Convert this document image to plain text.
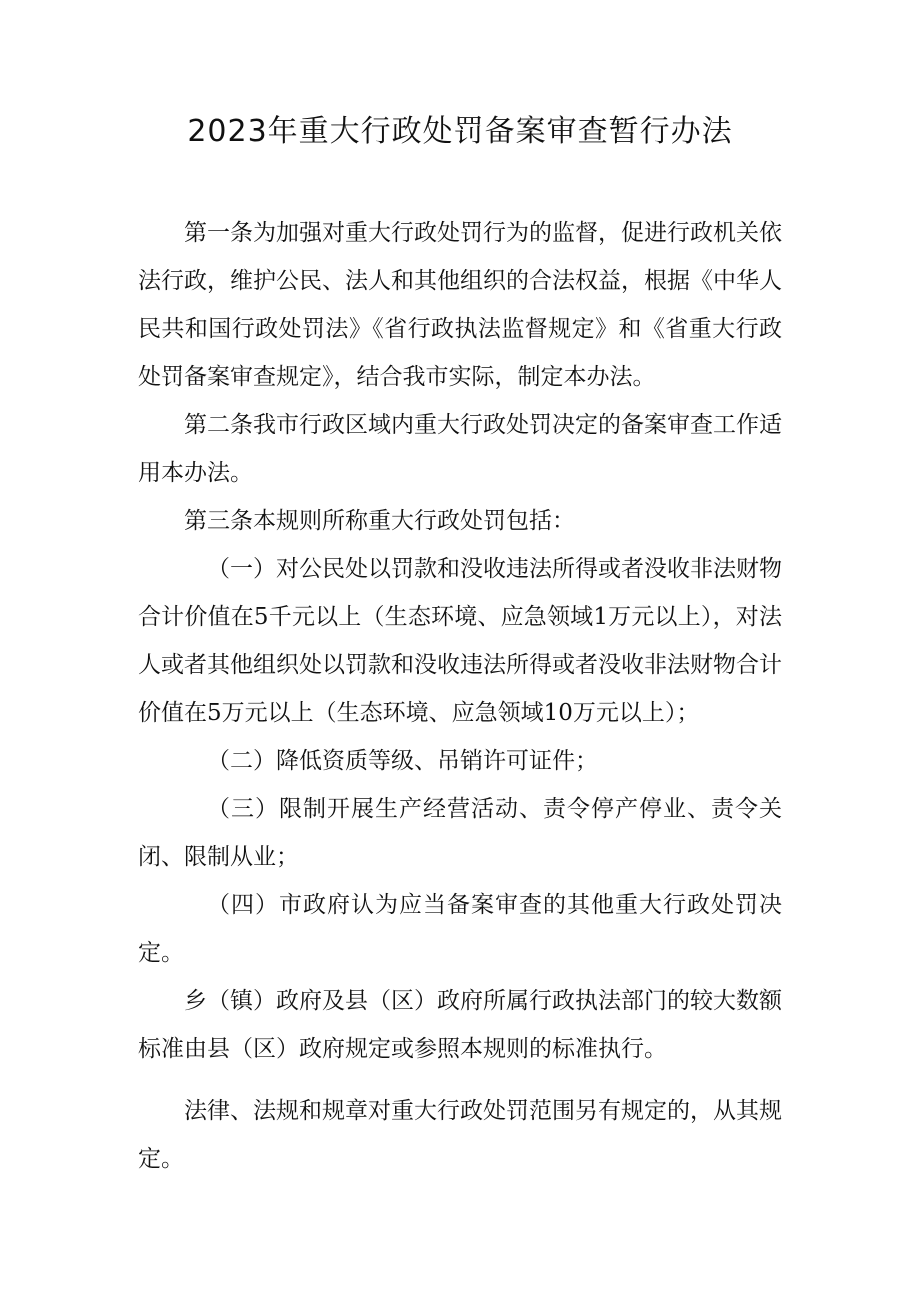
2023年重大行政处罚备案审查暂行办法

第一条为加强对重大行政处罚行为的监督，促进行政机关依法行政，维护公民、法人和其他组织的合法权益，根据《中华人民共和国行政处罚法》《省行政执法监督规定》和《省重大行政处罚备案审查规定》，结合我市实际，制定本办法。

第二条我市行政区域内重大行政处罚决定的备案审查工作适用本办法。

第三条本规则所称重大行政处罚包括：

（一）对公民处以罚款和没收违法所得或者没收非法财物合计价值在5千元以上（生态环境、应急领域1万元以上），对法人或者其他组织处以罚款和没收违法所得或者没收非法财物合计价值在5万元以上（生态环境、应急领域10万元以上）；

（二）降低资质等级、吊销许可证件；

（三）限制开展生产经营活动、责令停产停业、责令关闭、限制从业；

（四）市政府认为应当备案审查的其他重大行政处罚决定。

乡（镇）政府及县（区）政府所属行政执法部门的较大数额标准由县（区）政府规定或参照本规则的标准执行。

法律、法规和规章对重大行政处罚范围另有规定的，从其规定。
